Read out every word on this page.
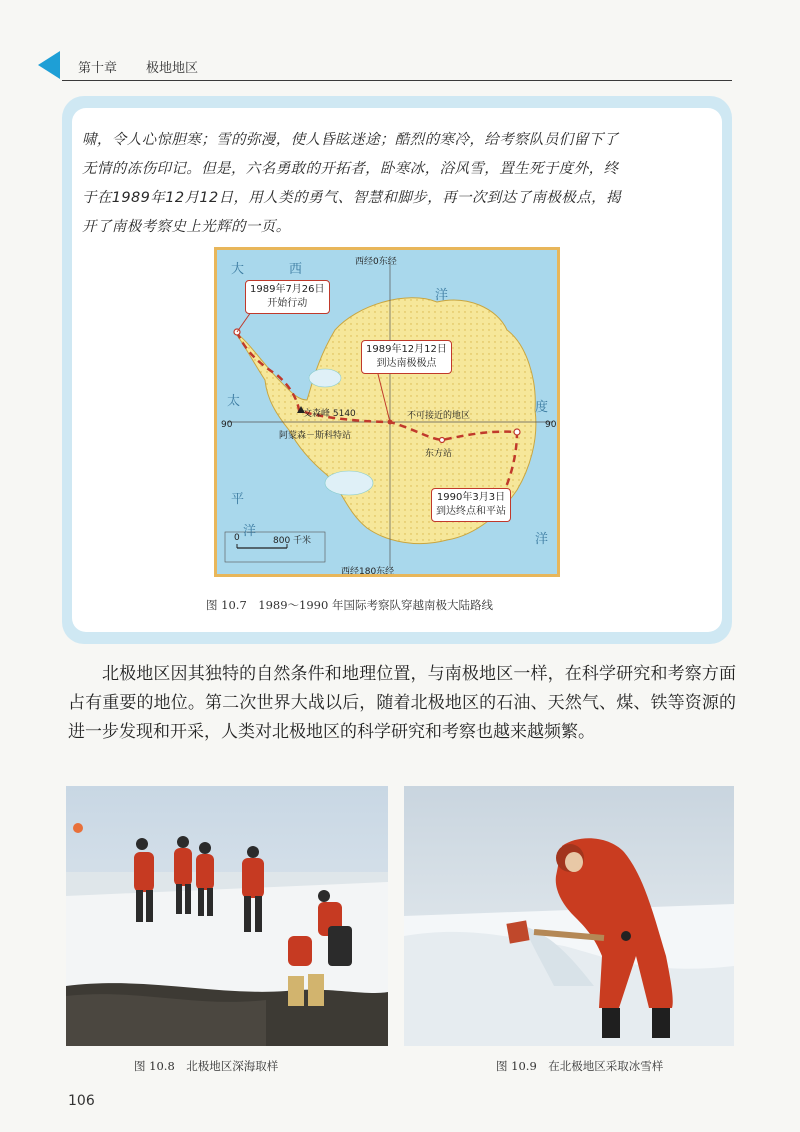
第十章 极地地区

啸，令人心惊胆寒；雪的弥漫，使人昏眩迷途；酷烈的寒冷，给考察队员们留下了

无情的冻伤印记。但是，六名勇敢的开拓者，卧寒冰，浴风雪，置生死于度外，终

于在1989年12月12日，用人类的勇气、智慧和脚步，再一次到达了南极极点，揭

开了南极考察史上光辉的一页。

西经0东经
西经180东经
90	90
大	西
洋
太
平
度
洋
洋
1989年7月26日
开始行动
1989年12月12日
到达南极极点
1990年3月3日
到达终点和平站
文森峰 5140
阿蒙森－斯科特站
不可接近的地区
东方站
0	800 千米
图 10.7　1989～1990 年国际考察队穿越南极大陆路线

北极地区因其独特的自然条件和地理位置，与南极地区一样，在科学研究和考察方面占有重要的地位。第二次世界大战以后，随着北极地区的石油、天然气、煤、铁等资源的进一步发现和开采，人类对北极地区的科学研究和考察也越来越频繁。

图 10.8　北极地区深海取样	图 10.9　在北极地区采取冰雪样
106
